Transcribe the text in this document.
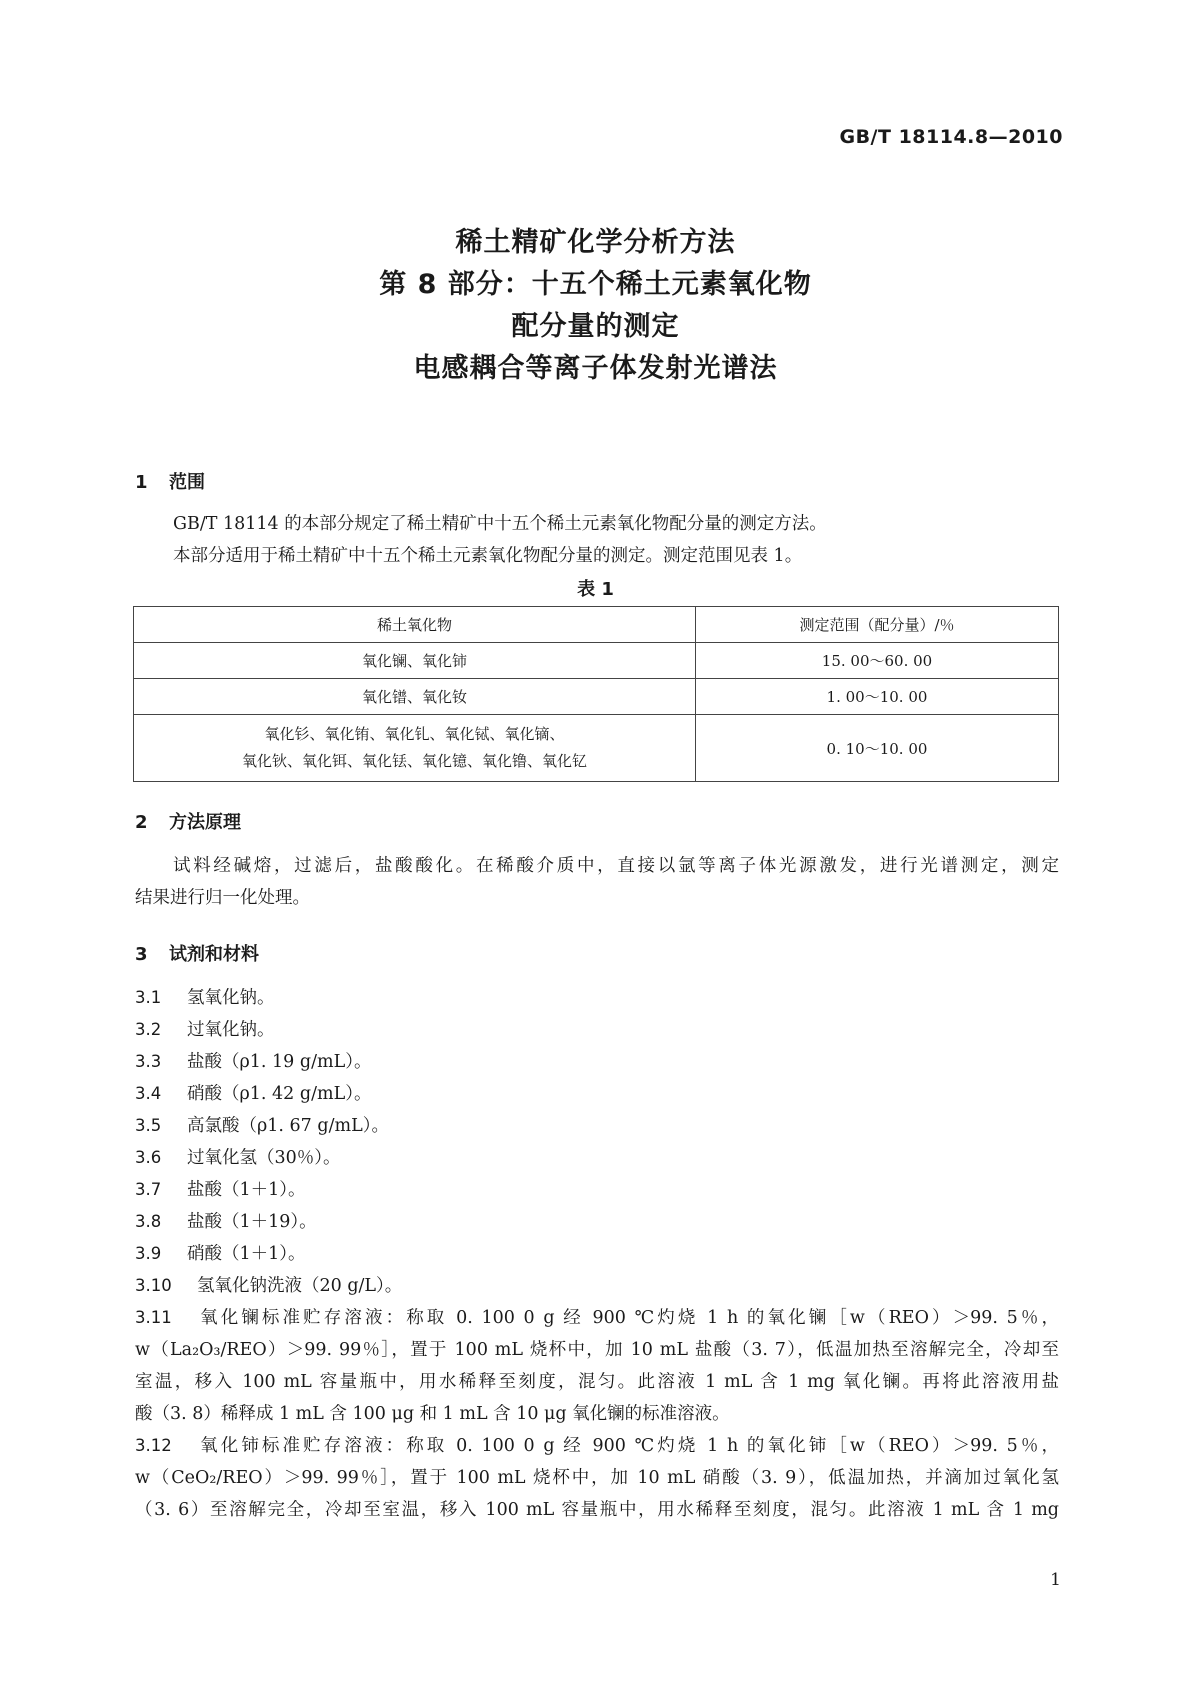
GB/T 18114.8—2010
稀土精矿化学分析方法
第 8 部分：十五个稀土元素氧化物
配分量的测定
电感耦合等离子体发射光谱法
1 范围
GB/T 18114 的本部分规定了稀土精矿中十五个稀土元素氧化物配分量的测定方法。
本部分适用于稀土精矿中十五个稀土元素氧化物配分量的测定。测定范围见表 1。
表 1
稀土氧化物	测定范围（配分量）/％
氧化镧、氧化铈	15. 00～60. 00
氧化镨、氧化钕	1. 00～10. 00

氧化钐、氧化铕、氧化钆、氧化铽、氧化镝、
氧化钬、氧化铒、氧化铥、氧化镱、氧化镥、氧化钇	0. 10～10. 00
2 方法原理
试料经碱熔，过滤后，盐酸酸化。在稀酸介质中，直接以氩等离子体光源激发，进行光谱测定，测定
结果进行归一化处理。
3 试剂和材料
3.1 氢氧化钠。
3.2 过氧化钠。
3.3 盐酸（ρ1. 19 g/mL）。
3.4 硝酸（ρ1. 42 g/mL）。
3.5 高氯酸（ρ1. 67 g/mL）。
3.6 过氧化氢（30％）。
3.7 盐酸（1＋1）。
3.8 盐酸（1＋19）。
3.9 硝酸（1＋1）。
3.10 氢氧化钠洗液（20 g/L）。
3.11 氧化镧标准贮存溶液：称取 0. 100 0 g 经 900 ℃灼烧 1 h 的氧化镧［w（REO）＞99. 5％，
w（La₂O₃/REO）＞99. 99％］，置于 100 mL 烧杯中，加 10 mL 盐酸（3. 7），低温加热至溶解完全，冷却至
室温，移入 100 mL 容量瓶中，用水稀释至刻度，混匀。此溶液 1 mL 含 1 mg 氧化镧。再将此溶液用盐
酸（3. 8）稀释成 1 mL 含 100 μg 和 1 mL 含 10 μg 氧化镧的标准溶液。
3.12 氧化铈标准贮存溶液：称取 0. 100 0 g 经 900 ℃灼烧 1 h 的氧化铈［w（REO）＞99. 5％，
w（CeO₂/REO）＞99. 99％］，置于 100 mL 烧杯中，加 10 mL 硝酸（3. 9），低温加热，并滴加过氧化氢
（3. 6）至溶解完全，冷却至室温，移入 100 mL 容量瓶中，用水稀释至刻度，混匀。此溶液 1 mL 含 1 mg
1
